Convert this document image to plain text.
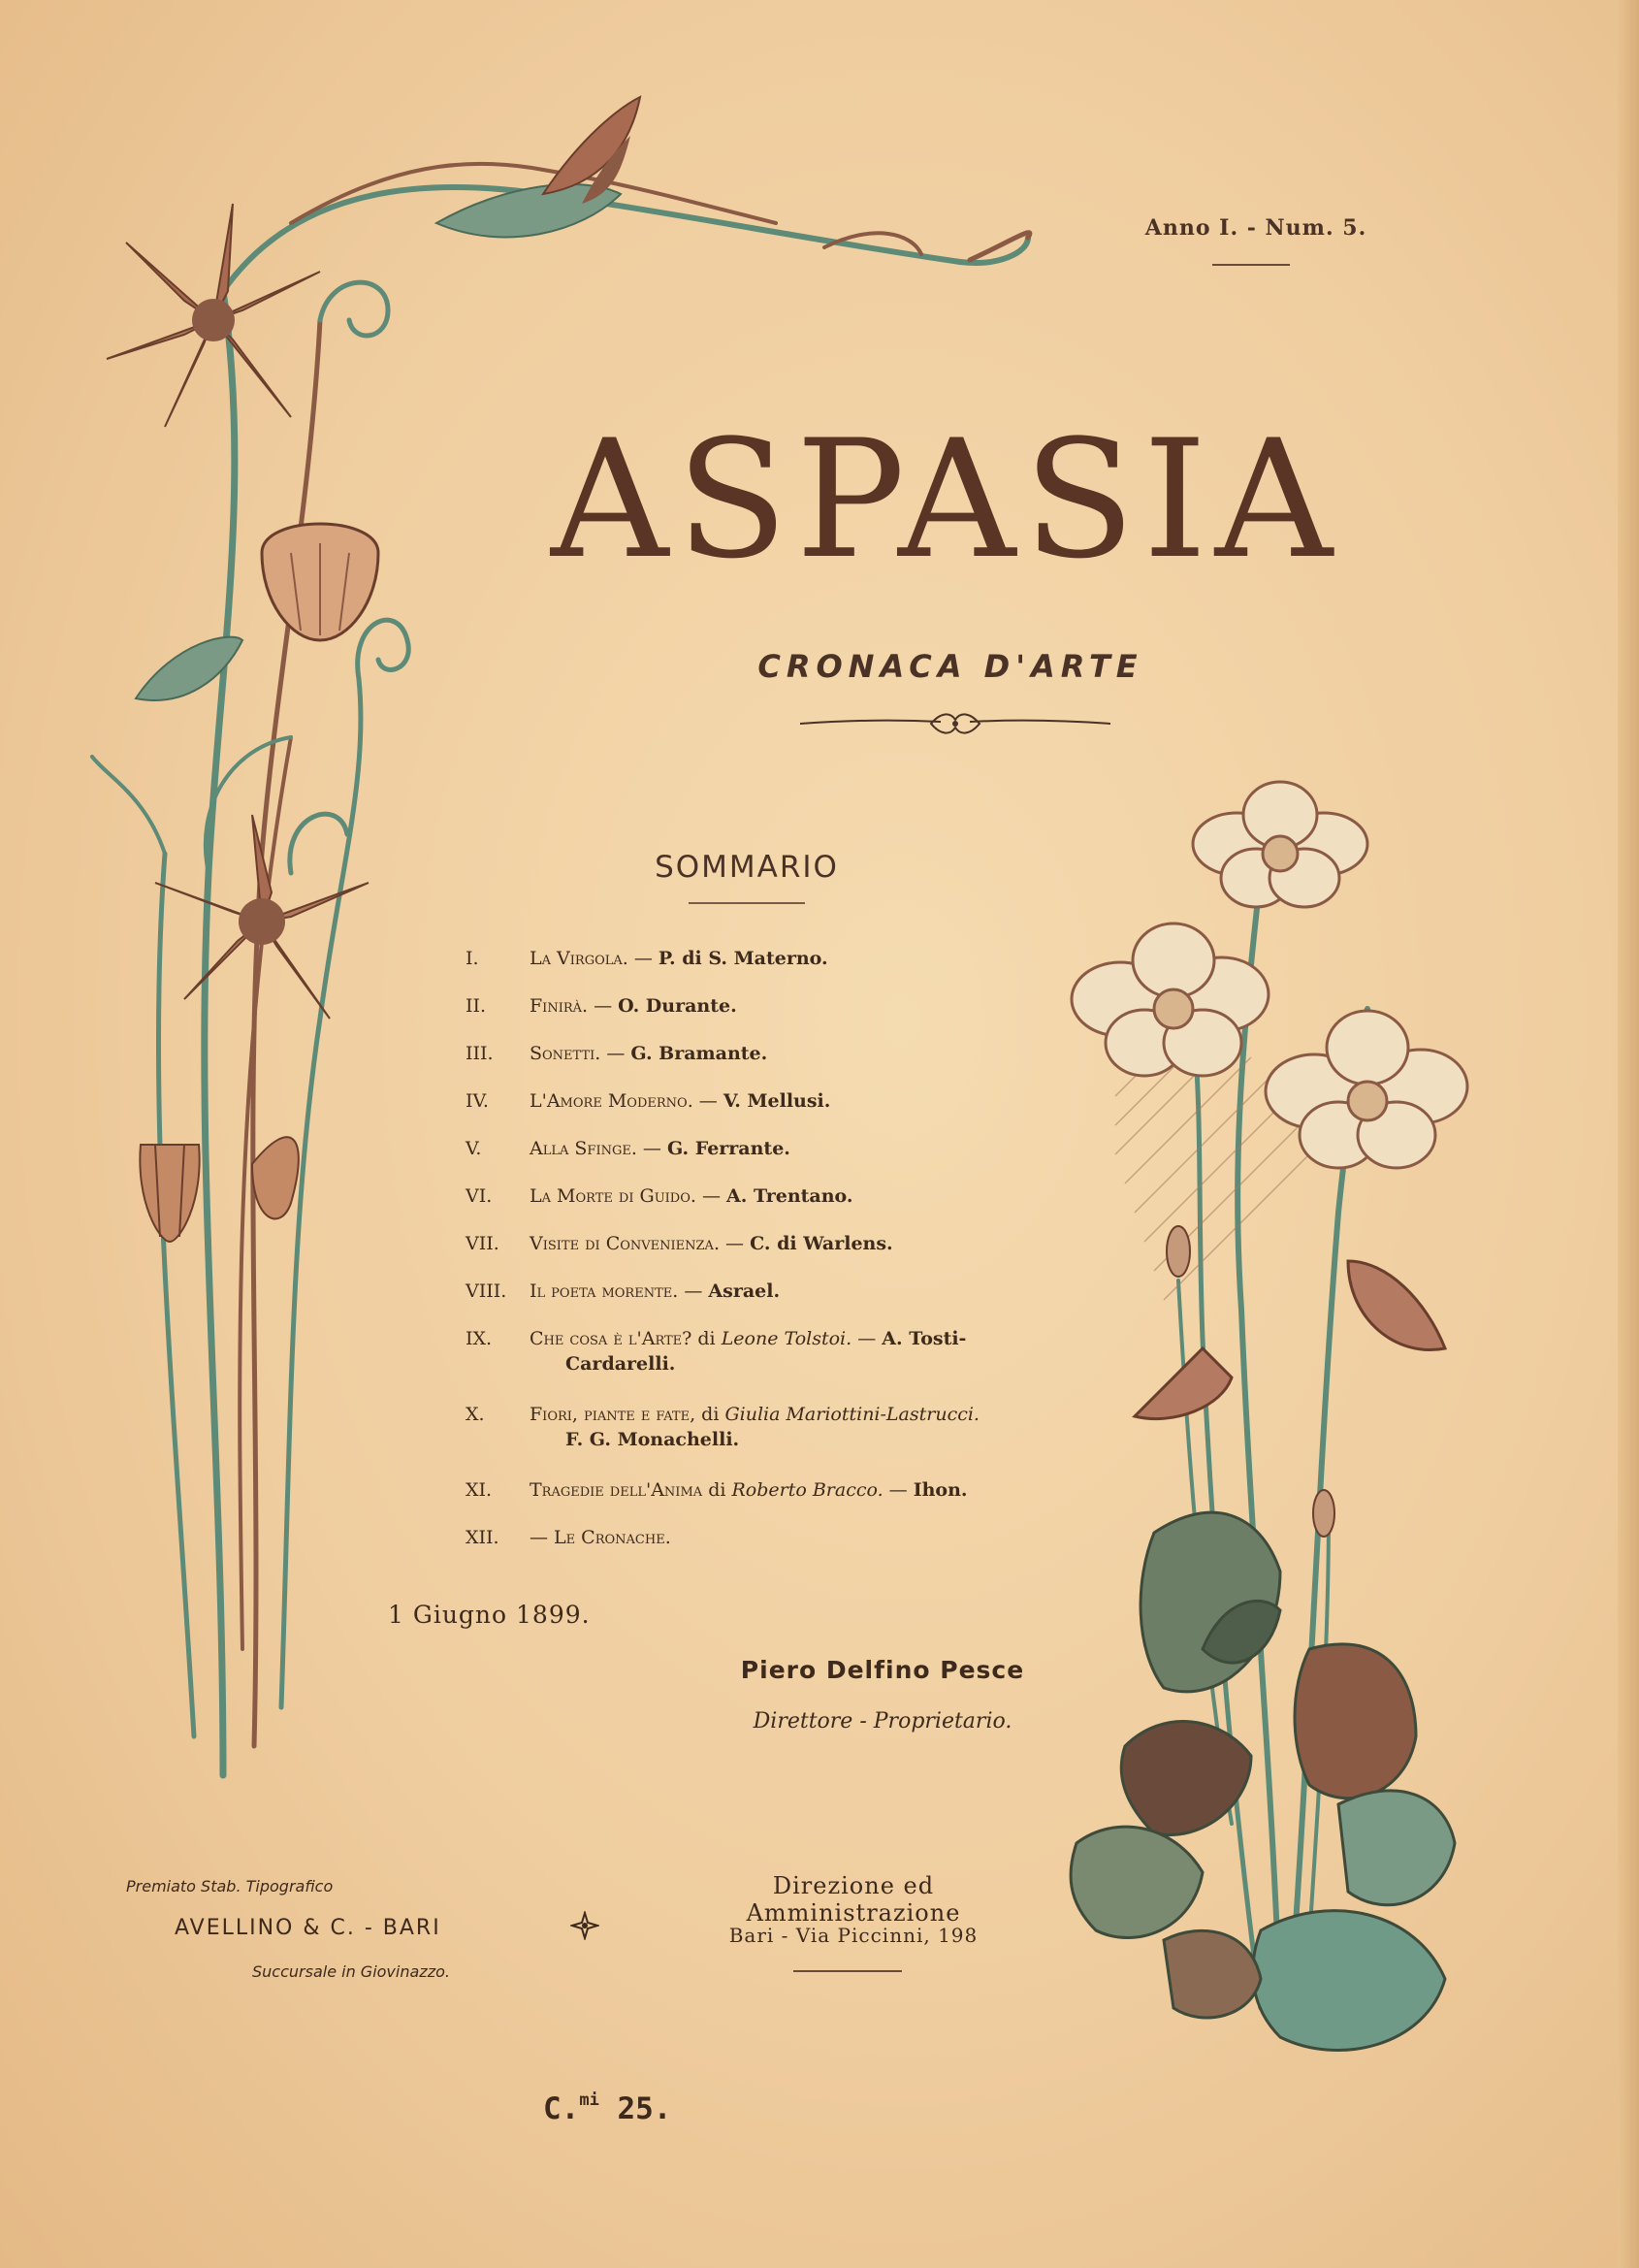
Anno I. - Num. 5.
ASPASIA
CRONACA D'ARTE
SOMMARIO
I.	La Virgola. — P. di S. Materno.
II.	Finirà. — O. Durante.
III.	Sonetti. — G. Bramante.
IV.	L'Amore Moderno. — V. Mellusi.
V.	Alla Sfinge. — G. Ferrante.
VI.	La Morte di Guido. — A. Trentano.
VII.	Visite di Convenienza. — C. di Warlens.
VIII.	Il poeta morente. — Asrael.
IX.	Che cosa è l'Arte? di Leone Tolstoi. — A. Tosti-
Cardarelli.
X.	Fiori, piante e fate, di Giulia Mariottini-Lastrucci.
F. G. Monachelli.
XI.	Tragedie dell'Anima di Roberto Bracco. — Ihon.
XII.	— Le Cronache.
1 Giugno 1899.
Piero Delfino Pesce
Direttore - Proprietario.
Premiato Stab. Tipografico
AVELLINO & C. - BARI
Succursale in Giovinazzo.
Direzione ed Amministrazione
Bari - Via Piccinni, 198
C.$^{mi}$ 25.
